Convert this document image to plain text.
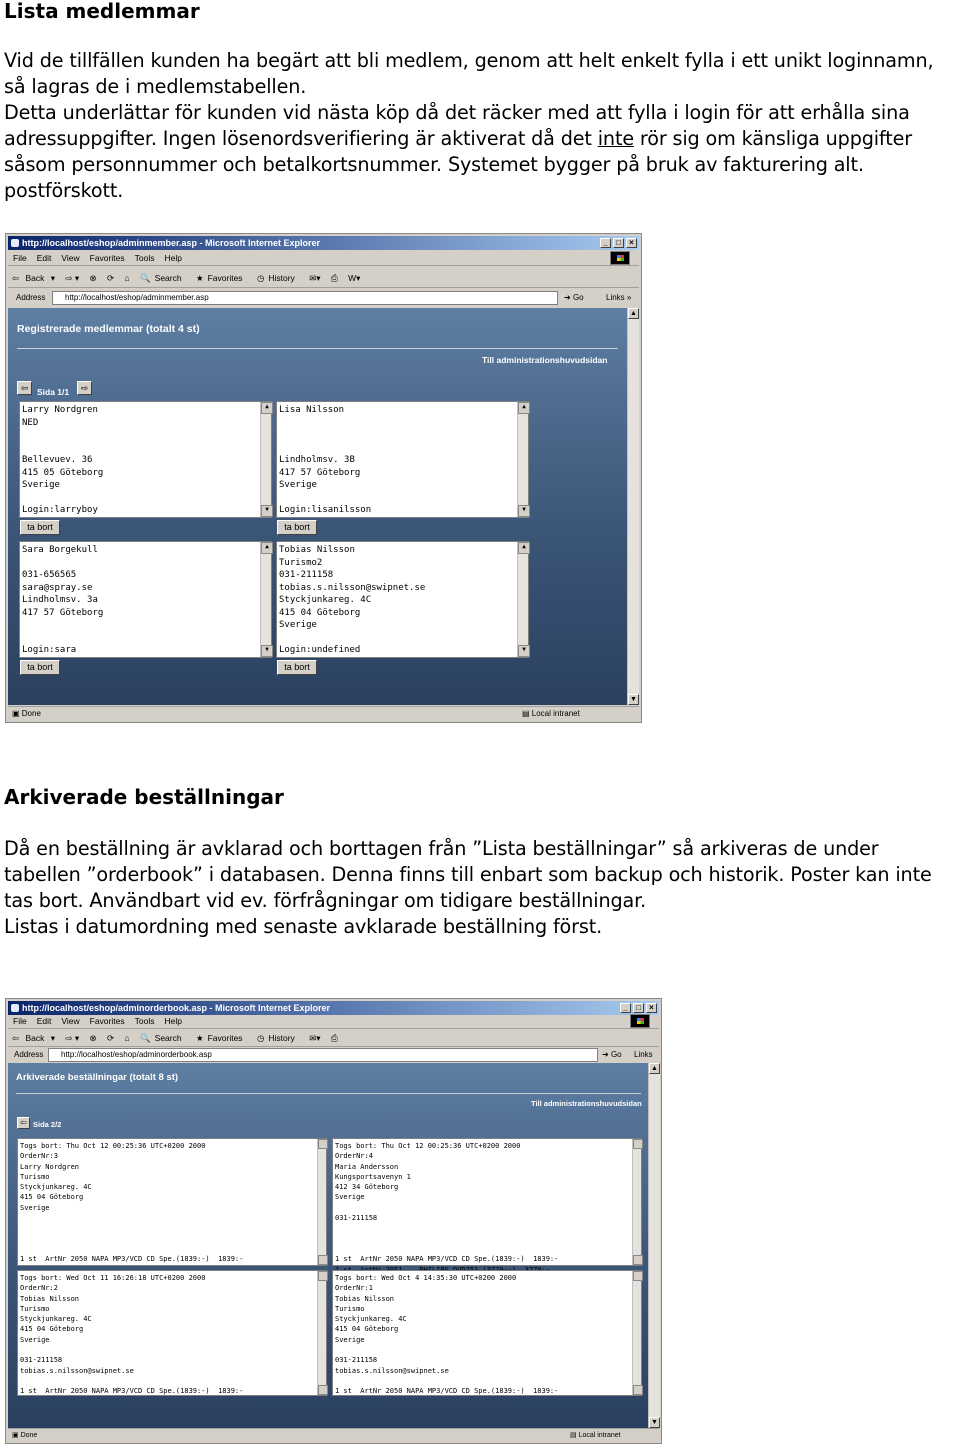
Lista medlemmar
Vid de tillfällen kunden ha begärt att bli medlem, genom att helt enkelt fylla i ett unikt loginnamn, så lagras de i medlemstabellen.
Detta underlättar för kunden vid nästa köp då det räcker med att fylla i login för att erhålla sina adressuppgifter. Ingen lösenordsverifiering är aktiverat då det inte rör sig om känsliga uppgifter såsom personnummer och betalkortsnummer. Systemet bygger på bruk av fakturering alt. postförskott.
http://localhost/eshop/adminmember.asp - Microsoft Internet Explorer	_	□	×
File Edit View Favorites Tools Help
⇦ Back ▾ ⇨ ▾ ⊗ ⟳ ⌂ 🔍 Search ★ Favorites ◷ History ✉▾ ⎙ W▾
Address	http://localhost/eshop/adminmember.asp	➜ Go	Links »
Registrerade medlemmar (totalt 4 st)
Till administrationshuvudsidan
⇦	Sida 1/1	⇨
Larry Nordgren
NED
Bellevuev. 36
415 05 Göteborg
Sverige
Login:larryboy
▲ ▼
Lisa Nilsson
Lindholmsv. 3B
417 57 Göteborg
Sverige
Login:lisanilsson
▲ ▼
ta bort	ta bort
Sara Borgekull
031-656565
sara@spray.se
Lindholmsv. 3a
417 57 Göteborg
Login:sara
▲ ▼
Tobias Nilsson
Turismo2
031-211158
tobias.s.nilsson@swipnet.se
Styckjunkareg. 4C
415 04 Göteborg
Sverige
Login:undefined
▲ ▼
ta bort	ta bort
▲
▼
▣ Done	▤ Local intranet
Arkiverade beställningar
Då en beställning är avklarad och borttagen från ”Lista beställningar” så arkiveras de under tabellen ”orderbook” i databasen. Denna finns till enbart som backup och historik. Poster kan inte tas bort. Användbart vid ev. förfrågningar om tidigare beställningar.
Listas i datumordning med senaste avklarade beställning först.
http://localhost/eshop/adminorderbook.asp - Microsoft Internet Explorer	_	□	×
File Edit View Favorites Tools Help
⇦ Back ▾ ⇨ ▾ ⊗ ⟳ ⌂ 🔍 Search ★ Favorites ◷ History ✉▾ ⎙
Address	http://localhost/eshop/adminorderbook.asp	➜ Go Links
Arkiverade beställningar (totalt 8 st)
Till administrationshuvudsidan
⇦ Sida 2/2
Togs bort: Thu Oct 12 00:25:36 UTC+0200 2000
OrderNr:3
Larry Nordgren
Turismo
Styckjunkareg. 4C
415 04 Göteborg
Sverige
1 st  ArtNr 2050 NAPA MP3/VCD CD Spe.(1839:-)  1839:-
Togs bort: Thu Oct 12 00:25:36 UTC+0200 2000
OrderNr:4
Maria Andersson
Kungsportsavenyn 1
412 34 Göteborg
Sverige
031-211158
1 st  ArtNr 2050 NAPA MP3/VCD CD Spe.(1839:-)  1839:-
Togs bort: Wed Oct 11 16:26:18 UTC+0200 2000
OrderNr:2
Tobias Nilsson
Turismo
Styckjunkareg. 4C
415 04 Göteborg
Sverige
031-211158
tobias.s.nilsson@swipnet.se
1 st  ArtNr 2050 NAPA MP3/VCD CD Spe.(1839:-)  1839:-
Togs bort: Wed Oct 4 14:35:30 UTC+0200 2000
OrderNr:1
Tobias Nilsson
Turismo
Styckjunkareg. 4C
415 04 Göteborg
Sverige
031-211158
tobias.s.nilsson@swipnet.se
1 st  ArtNr 2050 NAPA MP3/VCD CD Spe.(1839:-)  1839:-
▲
▼
▣ Done	▤ Local intranet
